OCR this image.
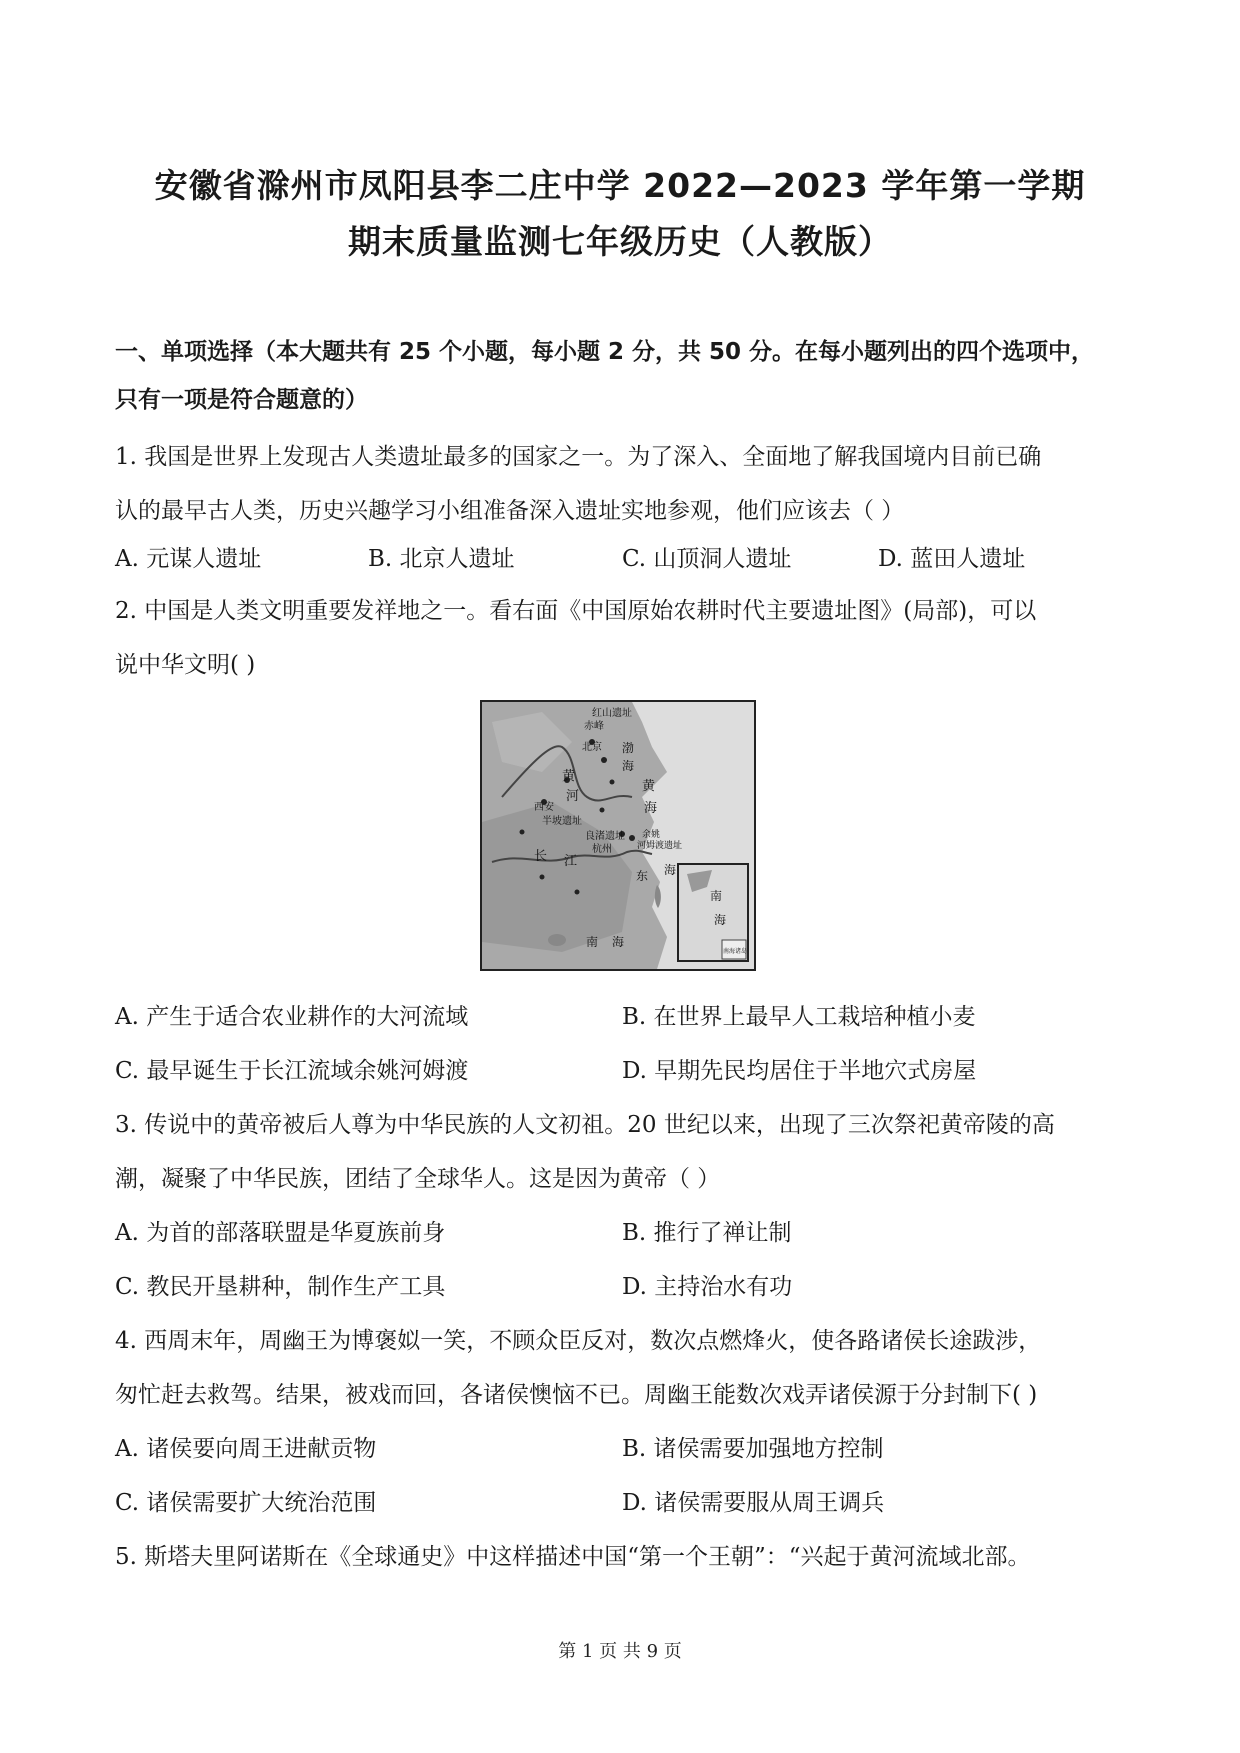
安徽省滁州市凤阳县李二庄中学 2022—2023 学年第一学期
期末质量监测七年级历史（人教版）
一、单项选择（本大题共有 25 个小题，每小题 2 分，共 50 分。在每小题列出的四个选项中，
只有一项是符合题意的）
1. 我国是世界上发现古人类遗址最多的国家之一。为了深入、全面地了解我国境内目前已确
认的最早古人类，历史兴趣学习小组准备深入遗址实地参观，他们应该去（ ）
A. 元谋人遗址	B. 北京人遗址	C. 山顶洞人遗址	D. 蓝田人遗址
2. 中国是人类文明重要发祥地之一。看右面《中国原始农耕时代主要遗址图》(局部)，可以
说中华文明( )
红山遗址
赤峰
北京 渤
海
黄
河
西安
半坡遗址
黄
海
良渚遗址
杭州
余姚
河姆渡遗址
长 江
东 海
南 海
南
海
南海诸岛
A. 产生于适合农业耕作的大河流域	B. 在世界上最早人工栽培种植小麦
C. 最早诞生于长江流域余姚河姆渡	D. 早期先民均居住于半地穴式房屋
3. 传说中的黄帝被后人尊为中华民族的人文初祖。20 世纪以来，出现了三次祭祀黄帝陵的高
潮，凝聚了中华民族，团结了全球华人。这是因为黄帝（ ）
A. 为首的部落联盟是华夏族前身	B. 推行了禅让制
C. 教民开垦耕种，制作生产工具	D. 主持治水有功
4. 西周末年，周幽王为博褒姒一笑，不顾众臣反对，数次点燃烽火，使各路诸侯长途跋涉，
匆忙赶去救驾。结果，被戏而回，各诸侯懊恼不已。周幽王能数次戏弄诸侯源于分封制下( )
A. 诸侯要向周王进献贡物	B. 诸侯需要加强地方控制
C. 诸侯需要扩大统治范围	D. 诸侯需要服从周王调兵
5. 斯塔夫里阿诺斯在《全球通史》中这样描述中国“第一个王朝”：“兴起于黄河流域北部。
第 1 页 共 9 页
